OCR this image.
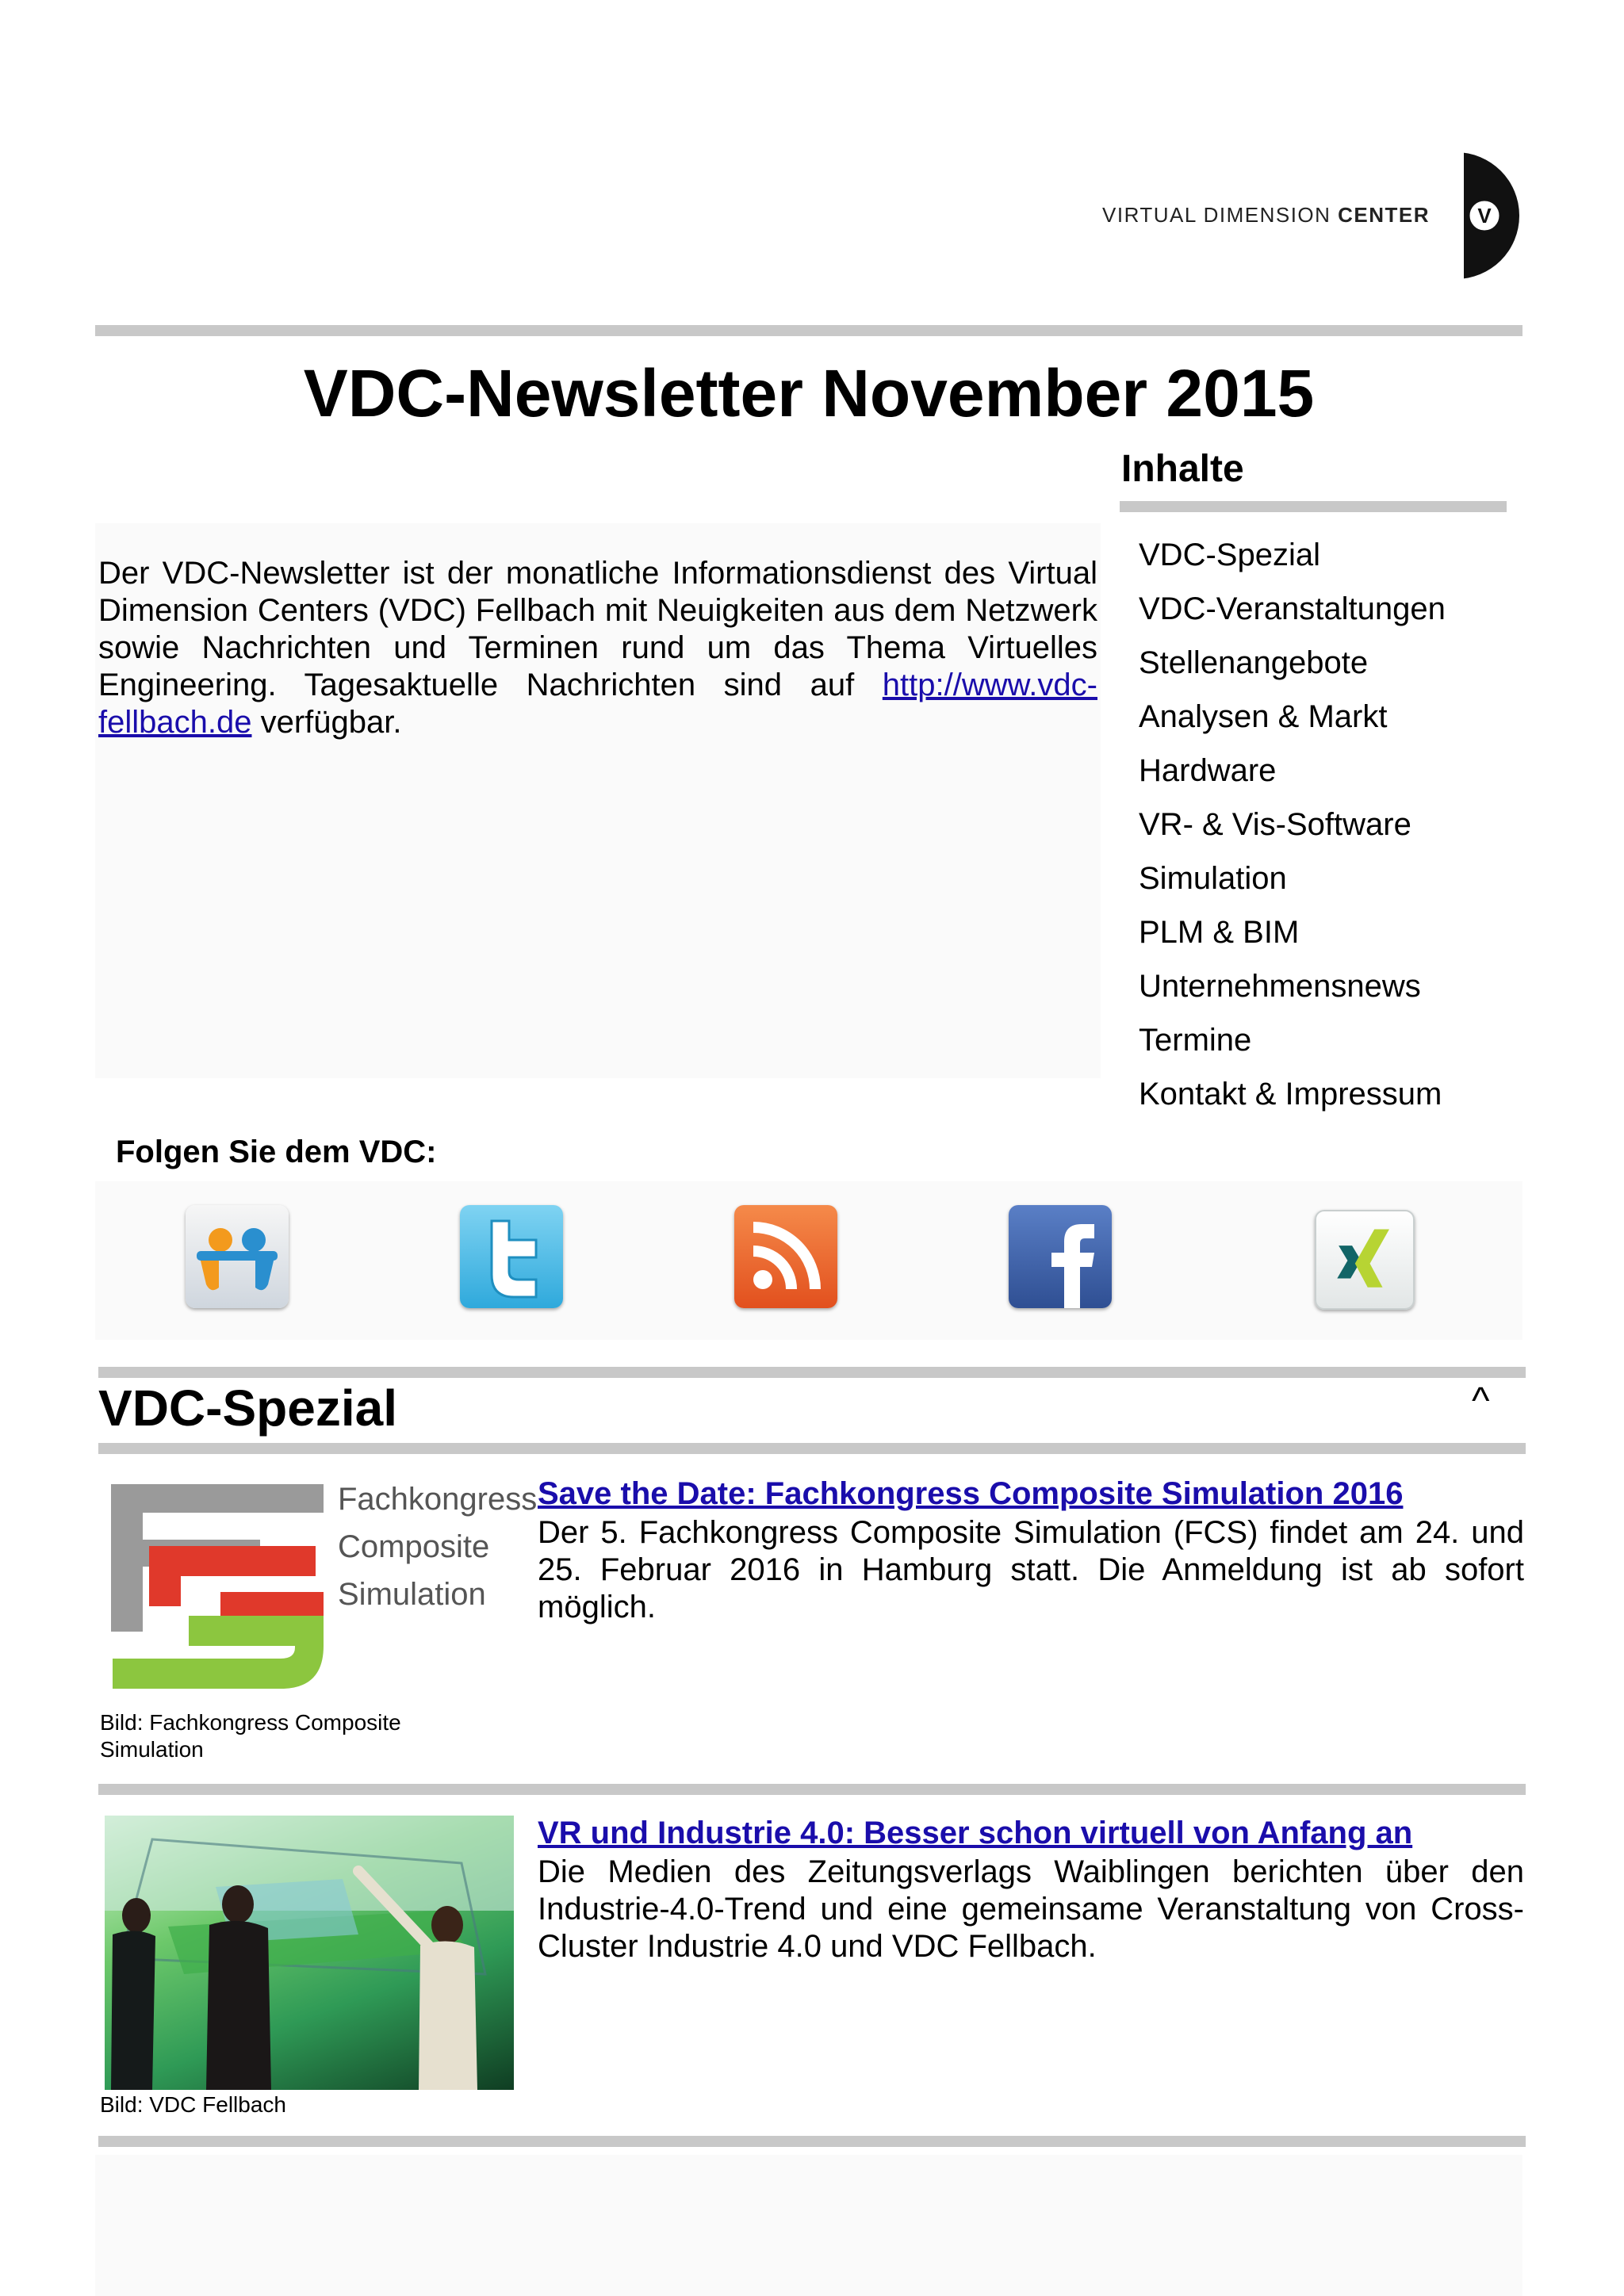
VIRTUAL DIMENSION CENTER	V
VDC-Newsletter November 2015
Inhalte
VDC-Spezial
VDC-Veranstaltungen
Stellenangebote
Analysen & Markt
Hardware
VR- & Vis-Software
Simulation
PLM & BIM
Unternehmensnews
Termine
Kontakt & Impressum
Der VDC-Newsletter ist der monatliche Informationsdienst des Virtual Dimension Centers (VDC) Fellbach mit Neuigkeiten aus dem Netzwerk sowie Nachrichten und Terminen rund um das Thema Virtuelles Engineering. Tagesaktuelle Nachrichten sind auf http://www.vdc-fellbach.de verfügbar.
Folgen Sie dem VDC:
VDC-Spezial	^
Fachkongress
Composite
Simulation
Bild: Fachkongress Composite Simulation
Save the Date: Fachkongress Composite Simulation 2016
Der 5. Fachkongress Composite Simulation (FCS) findet am 24. und 25. Februar 2016 in Hamburg statt. Die Anmeldung ist ab sofort möglich.
Bild: VDC Fellbach
VR und Industrie 4.0: Besser schon virtuell von Anfang an
Die Medien des Zeitungsverlags Waiblingen berichten über den Industrie-4.0-Trend und eine gemeinsame Veranstaltung von Cross-Cluster Industrie 4.0 und VDC Fellbach.
